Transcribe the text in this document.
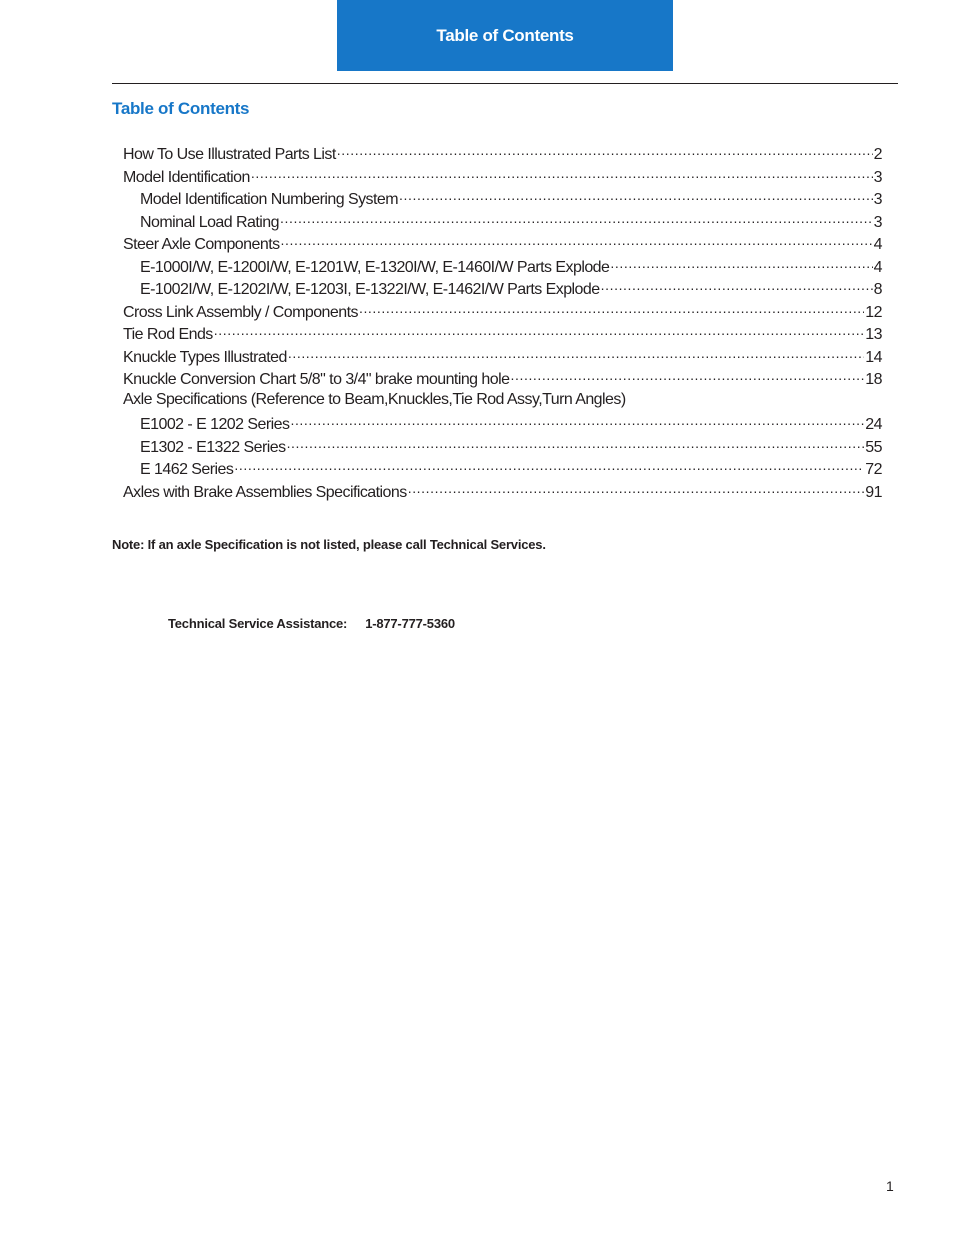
Table of Contents
Table of Contents
How To Use Illustrated Parts List .....	2
Model Identification .....	3
Model Identification Numbering System .....	3
Nominal Load Rating .....	3
Steer Axle Components .....	4
E-1000I/W, E-1200I/W, E-1201W, E-1320I/W, E-1460I/W Parts Explode .....	4
E-1002I/W, E-1202I/W, E-1203I, E-1322I/W, E-1462I/W Parts Explode .....	8
Cross Link Assembly / Components .....	12
Tie Rod Ends .....	13
Knuckle Types Illustrated .....	14
Knuckle Conversion Chart 5/8" to 3/4" brake mounting hole .....	18
Axle Specifications (Reference to Beam,Knuckles,Tie Rod Assy,Turn Angles)
E1002 - E 1202 Series .....	24
E1302 - E1322 Series .....	55
E 1462 Series .....	72
Axles with Brake Assemblies Specifications .....	91
Note: If an axle Specification is not listed, please call Technical Services.
Technical Service Assistance: 1-877-777-5360
1
